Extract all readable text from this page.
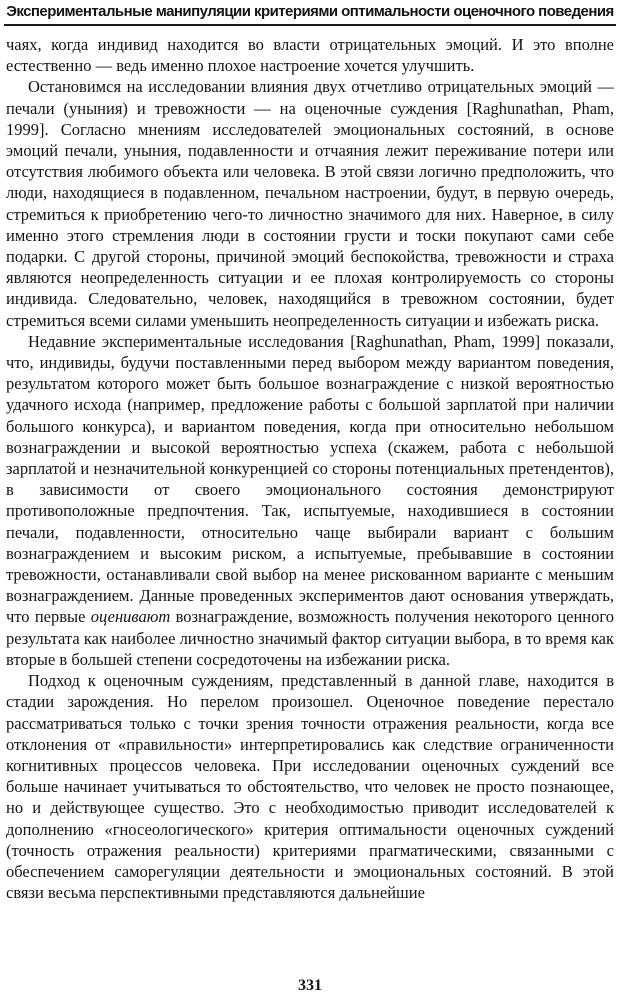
Экспериментальные манипуляции критериями оптимальности оценочного поведения

чаях, когда индивид находится во власти отрицательных эмоций. И это вполне естественно — ведь именно плохое настроение хочется улучшить.

Остановимся на исследовании влияния двух отчетливо отрицательных эмоций — печали (уныния) и тревожности — на оценочные суждения [Raghunathan, Pham, 1999]. Согласно мнениям исследователей эмоциональных состояний, в основе эмоций печали, уныния, подавленности и отчаяния лежит переживание потери или отсутствия любимого объекта или человека. В этой связи логично предположить, что люди, находящиеся в подавленном, печальном настроении, будут, в первую очередь, стремиться к приобретению чего-то личностно значимого для них. Наверное, в силу именно этого стремления люди в состоянии грусти и тоски покупают сами себе подарки. С другой стороны, причиной эмоций беспокойства, тревожности и страха являются неопределенность ситуации и ее плохая контролируемость со стороны индивида. Следовательно, человек, находящийся в тревожном состоянии, будет стремиться всеми силами уменьшить неопределенность ситуации и избежать риска.

Недавние экспериментальные исследования [Raghunathan, Pham, 1999] показали, что, индивиды, будучи поставленными перед выбором между вариантом поведения, результатом которого может быть большое вознаграждение с низкой вероятностью удачного исхода (например, предложение работы с большой зарплатой при наличии большого конкурса), и вариантом поведения, когда при относительно небольшом вознаграждении и высокой вероятностью успеха (скажем, работа с небольшой зарплатой и незначительной конкуренцией со стороны потенциальных претендентов), в зависимости от своего эмоционального состояния демонстрируют противоположные предпочтения. Так, испытуемые, находившиеся в состоянии печали, подавленности, относительно чаще выбирали вариант с большим вознаграждением и высоким риском, а испытуемые, пребывавшие в состоянии тревожности, останавливали свой выбор на менее рискованном варианте с меньшим вознаграждением. Данные проведенных экспериментов дают основания утверждать, что первые оценивают вознаграждение, возможность получения некоторого ценного результата как наиболее личностно значимый фактор ситуации выбора, в то время как вторые в большей степени сосредоточены на избежании риска.

Подход к оценочным суждениям, представленный в данной главе, находится в стадии зарождения. Но перелом произошел. Оценочное поведение перестало рассматриваться только с точки зрения точности отражения реальности, когда все отклонения от «правильности» интерпретировались как следствие ограниченности когнитивных процессов человека. При исследовании оценочных суждений все больше начинает учитываться то обстоятельство, что человек не просто познающее, но и действующее существо. Это с необходимостью приводит исследователей к дополнению «гносеологического» критерия оптимальности оценочных суждений (точность отражения реальности) критериями прагматическими, связанными с обеспечением саморегуляции деятельности и эмоциональных состояний. В этой связи весьма перспективными представляются дальнейшие

331
